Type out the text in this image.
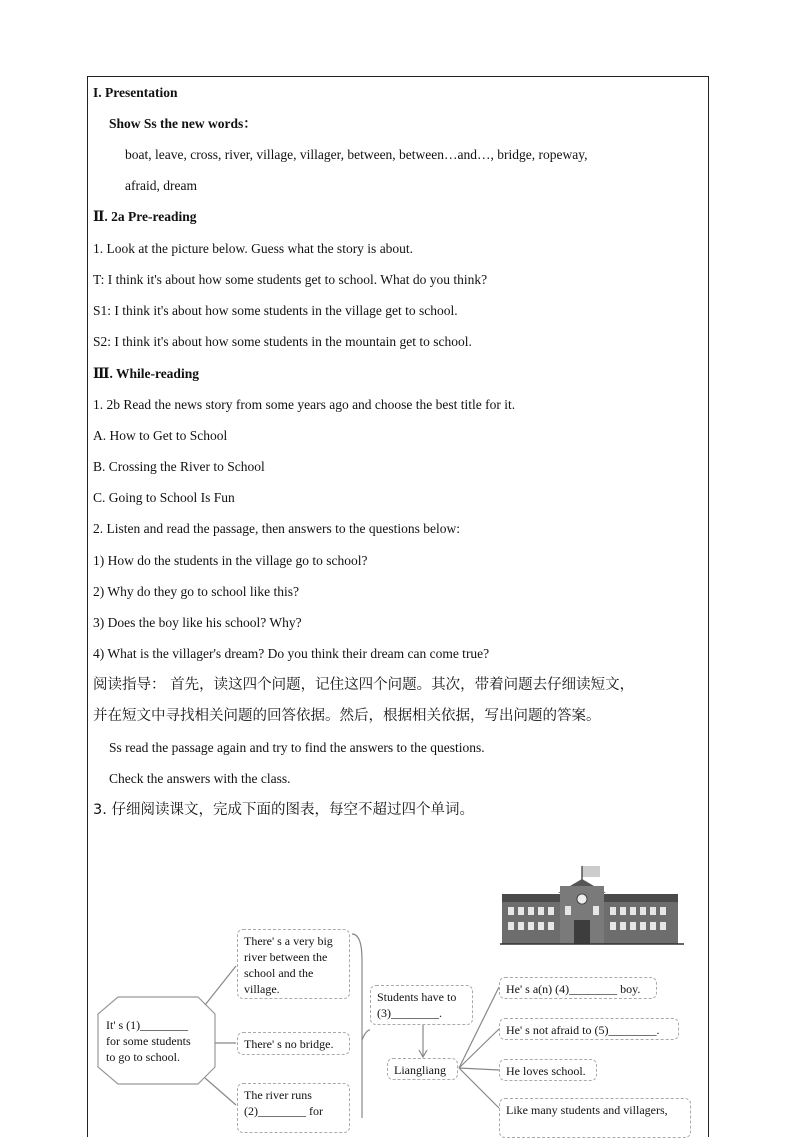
I. Presentation
Show Ss the new words：
boat, leave, cross, river, village, villager, between, between…and…, bridge, ropeway,
afraid, dream
Ⅱ. 2a Pre-reading
1. Look at the picture below. Guess what the story is about.
T: I think it's about how some students get to school. What do you think?
S1: I think it's about how some students in the village get to school.
S2: I think it's about how some students in the mountain get to school.
Ⅲ. While-reading
1. 2b Read the news story from some years ago and choose the best title for it.
A. How to Get to School
B. Crossing the River to School
C. Going to School Is Fun
2. Listen and read the passage, then answers to the questions below:
1) How do the students in the village go to school?
2) Why do they go to school like this?
3) Does the boy like his school? Why?
4) What is the villager's dream? Do you think their dream can come true?
阅读指导： 首先，读这四个问题，记住这四个问题。其次，带着问题去仔细读短文，
并在短文中寻找相关问题的回答依据。然后，根据相关依据，写出问题的答案。
Ss read the passage again and try to find the answers to the questions.
Check the answers with the class.
3. 仔细阅读课文，完成下面的图表，每空不超过四个单词。
It' s (1)________
for some students
to go to school.
There' s a very big
river between the
school and the
village.
There' s no bridge.
The river runs
(2)________ for
Students have to
(3)________.
Liangliang
He' s a(n) (4)________ boy.
He' s not afraid to (5)________.
He loves school.
Like many students and villagers,
